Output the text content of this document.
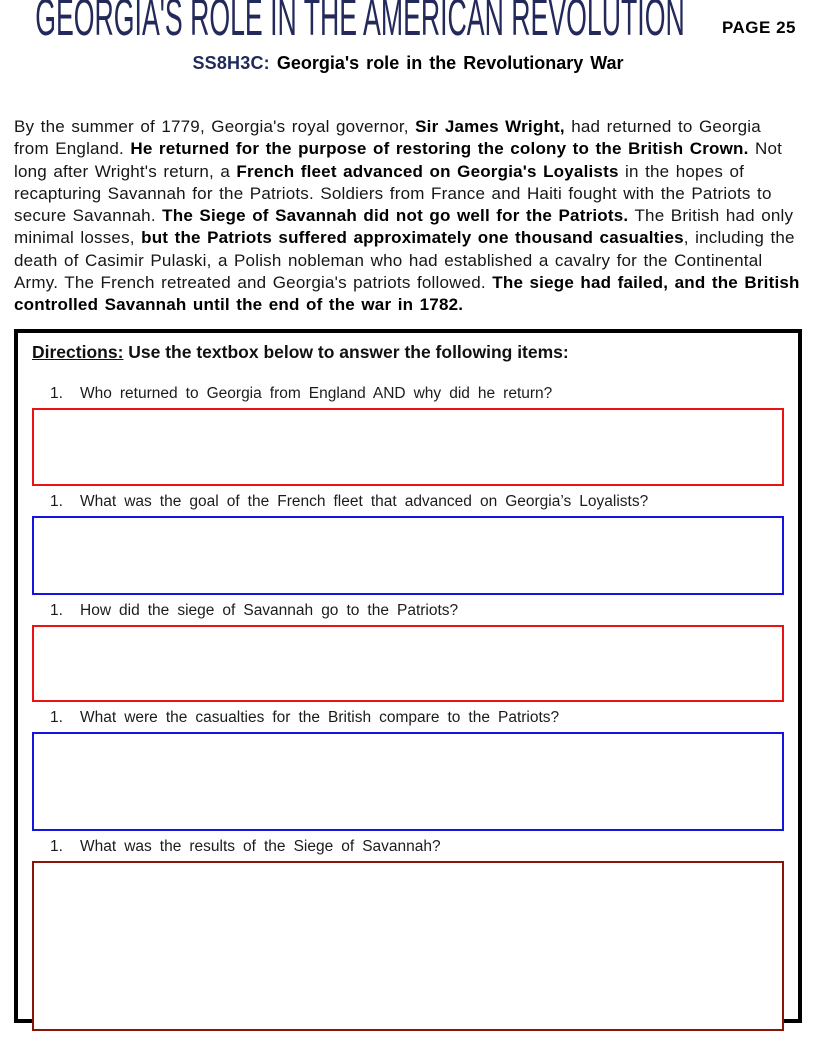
GEORGIA'S ROLE IN THE AMERICAN REVOLUTION PAGE 25
SS8H3C: Georgia's role in the Revolutionary War
By the summer of 1779, Georgia's royal governor, Sir James Wright, had returned to Georgia from England. He returned for the purpose of restoring the colony to the British Crown. Not long after Wright's return, a French fleet advanced on Georgia's Loyalists in the hopes of recapturing Savannah for the Patriots. Soldiers from France and Haiti fought with the Patriots to secure Savannah. The Siege of Savannah did not go well for the Patriots. The British had only minimal losses, but the Patriots suffered approximately one thousand casualties, including the death of Casimir Pulaski, a Polish nobleman who had established a cavalry for the Continental Army. The French retreated and Georgia's patriots followed. The siege had failed, and the British controlled Savannah until the end of the war in 1782.
Directions: Use the textbox below to answer the following items:
1.	Who returned to Georgia from England AND why did he return?
1.	What was the goal of the French fleet that advanced on Georgia’s Loyalists?
1.	How did the siege of Savannah go to the Patriots?
1.	What were the casualties for the British compare to the Patriots?
1.	What was the results of the Siege of Savannah?
